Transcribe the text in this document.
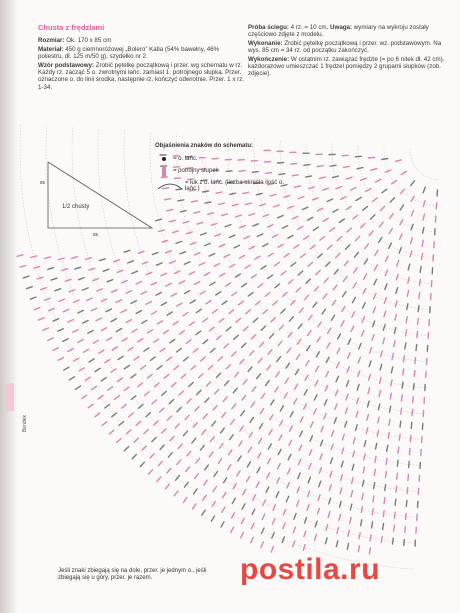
Chusta z frędzlami

Rozmiar: Ok. 170 x 85 cm

Materiał: 450 g ciemnoróżowej „Bolero” Katia (54% bawełny, 46% poliestru, dł. 125 m/50 g), szydełko nr 2.

Wzór podstawowy: Zrobić pętelkę początkową i przer. wg schematu w rz. Każdy rz. zacząć 5 o. zwrotnymi łańc. zamiast 1. potrójnego słupka. Przer. oznaczone o. do linii środka, następnie rz. kończyć odwrotnie. Przer. 1 x rz. 1-34.

Próba ściegu: 4 rz. = 10 cm. Uwaga: wymiary na wykroju zostały częściowo zdjęte z modelu.

Wykonanie: Zrobić pętelkę początkową i przer. wz. podstawowym. Na wys. 85 cm = 34 rz. od początku zakończyć.

Wykończenie: W ostatnim rz. zawiązać frędzle (= po 6 nitek dł. 42 cm), każdorazowo umieszczać 1 frędzel pomiędzy 2 grupami słupków (zob. zdjęcie).

1/2 chusty
85
85
Objaśnienia znaków do schematu:
= o. łańc.
= potrójny słupek
= łuk z o. łańc. (liczba określa ilość o. łańc.)
Bendek
Jeśli znaki zbiegają się na dole, przer. je jednym o., jeśli zbiegają się u góry, przer. je razem.	postila.ru
